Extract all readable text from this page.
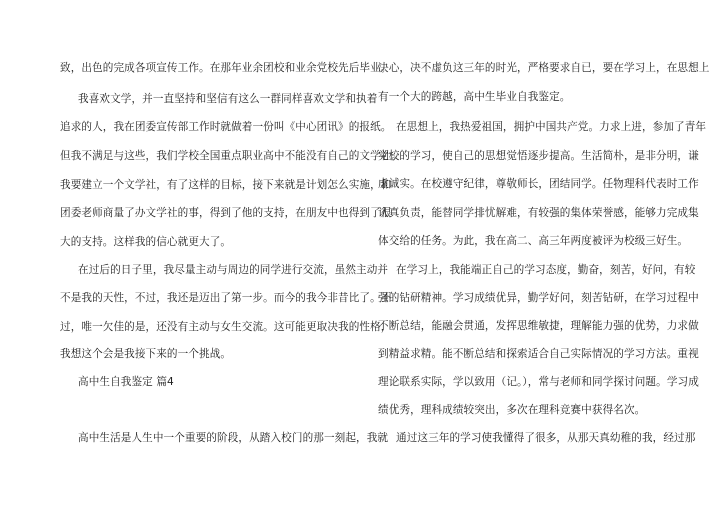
致，出色的完成各项宣传工作。在那年业余团校和业余党校先后毕业。
我喜欢文学，并一直坚持和坚信有这么一群同样喜欢文学和执着
追求的人，我在团委宣传部工作时就做着一份叫《中心团讯》的报纸。
但我不满足与这些，我们学校全国重点职业高中不能没有自己的文学社。
我要建立一个文学社，有了这样的目标，接下来就是计划怎么实施，和
团委老师商量了办文学社的事，得到了他的支持，在朋友中也得到了很
大的支持。这样我的信心就更大了。
在过后的日子里，我尽量主动与周边的同学进行交流，虽然主动并
不是我的天性，不过，我还是迈出了第一步。而今的我今非昔比了。不
过，唯一欠佳的是，还没有主动与女生交流。这可能更取决我的性格，
我想这个会是我接下来的一个挑战。
高中生自我鉴定 篇4
高中生活是人生中一个重要的阶段，从踏入校门的那一刻起，我就
决心，决不虚负这三年的时光，严格要求自已，要在学习上，在思想上
有一个大的跨越，高中生毕业自我鉴定。
在思想上，我热爱祖国，拥护中国共产党。力求上进，参加了青年
党校的学习，使自己的思想觉悟逐步提高。生活简朴，是非分明，谦
虚诚实。在校遵守纪律，尊敬师长，团结同学。任物理科代表时工作
认真负责，能替同学排忧解难，有较强的集体荣誉感，能够力完成集
体交给的任务。为此，我在高二、高三年两度被评为校级三好生。
在学习上，我能端正自己的学习态度，勤奋，刻苦，好问，有较
强的钻研精神。学习成绩优异，勤学好问，刻苦钻研，在学习过程中
不断总结，能融会贯通，发挥思维敏捷，理解能力强的优势，力求做
到精益求精。能不断总结和探索适合自己实际情况的学习方法。重视
理论联系实际，学以致用（记。），常与老师和同学探讨问题。学习成
绩优秀，理科成绩较突出，多次在理科竞赛中获得名次。
通过这三年的学习使我懂得了很多，从那天真幼稚的我，经过那
